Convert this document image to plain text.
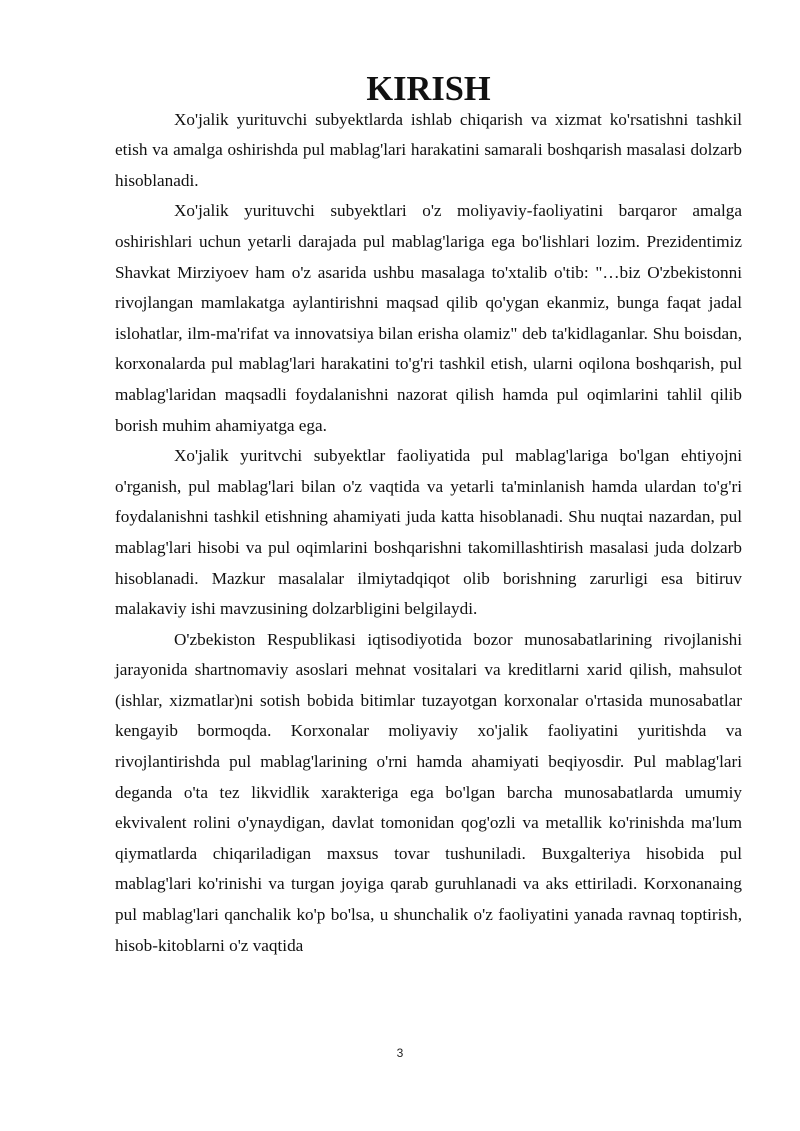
KIRISH

Xo'jalik yurituvchi subyektlarda ishlab chiqarish va xizmat ko'rsatishni tashkil etish va amalga oshirishda pul mablag'lari harakatini samarali boshqarish masalasi dolzarb hisoblanadi.

Xo'jalik yurituvchi subyektlari o'z moliyaviy-faoliyatini barqaror amalga oshirishlari uchun yetarli darajada pul mablag'lariga ega bo'lishlari lozim. Prezidentimiz Shavkat Mirziyoev ham o'z asarida ushbu masalaga to'xtalib o'tib: "…biz O'zbekistonni rivojlangan mamlakatga aylantirishni maqsad qilib qo'ygan ekanmiz, bunga faqat jadal islohatlar, ilm-ma'rifat va innovatsiya bilan erisha olamiz" deb ta'kidlaganlar. Shu boisdan, korxonalarda pul mablag'lari harakatini to'g'ri tashkil etish, ularni oqilona boshqarish, pul mablag'laridan maqsadli foydalanishni nazorat qilish hamda pul oqimlarini tahlil qilib borish muhim ahamiyatga ega.

Xo'jalik yuritvchi subyektlar faoliyatida pul mablag'lariga bo'lgan ehtiyojni o'rganish, pul mablag'lari bilan o'z vaqtida va yetarli ta'minlanish hamda ulardan to'g'ri foydalanishni tashkil etishning ahamiyati juda katta hisoblanadi. Shu nuqtai nazardan, pul mablag'lari hisobi va pul oqimlarini boshqarishni takomillashtirish masalasi juda dolzarb hisoblanadi. Mazkur masalalar ilmiytadqiqot olib borishning zarurligi esa bitiruv malakaviy ishi mavzusining dolzarbligini belgilaydi.

O'zbekiston Respublikasi iqtisodiyotida bozor munosabatlarining rivojlanishi jarayonida shartnomaviy asoslari mehnat vositalari va kreditlarni xarid qilish, mahsulot (ishlar, xizmatlar)ni sotish bobida bitimlar tuzayotgan korxonalar o'rtasida munosabatlar kengayib bormoqda. Korxonalar moliyaviy xo'jalik faoliyatini yuritishda va rivojlantirishda pul mablag'larining o'rni hamda ahamiyati beqiyosdir. Pul mablag'lari deganda o'ta tez likvidlik xarakteriga ega bo'lgan barcha munosabatlarda umumiy ekvivalent rolini o'ynaydigan, davlat tomonidan qog'ozli va metallik ko'rinishda ma'lum qiymatlarda chiqariladigan maxsus tovar tushuniladi. Buxgalteriya hisobida pul mablag'lari ko'rinishi va turgan joyiga qarab guruhlanadi va aks ettiriladi. Korxonanaing pul mablag'lari qanchalik ko'p bo'lsa, u shunchalik o'z faoliyatini yanada ravnaq toptirish, hisob-kitoblarni o'z vaqtida

3
